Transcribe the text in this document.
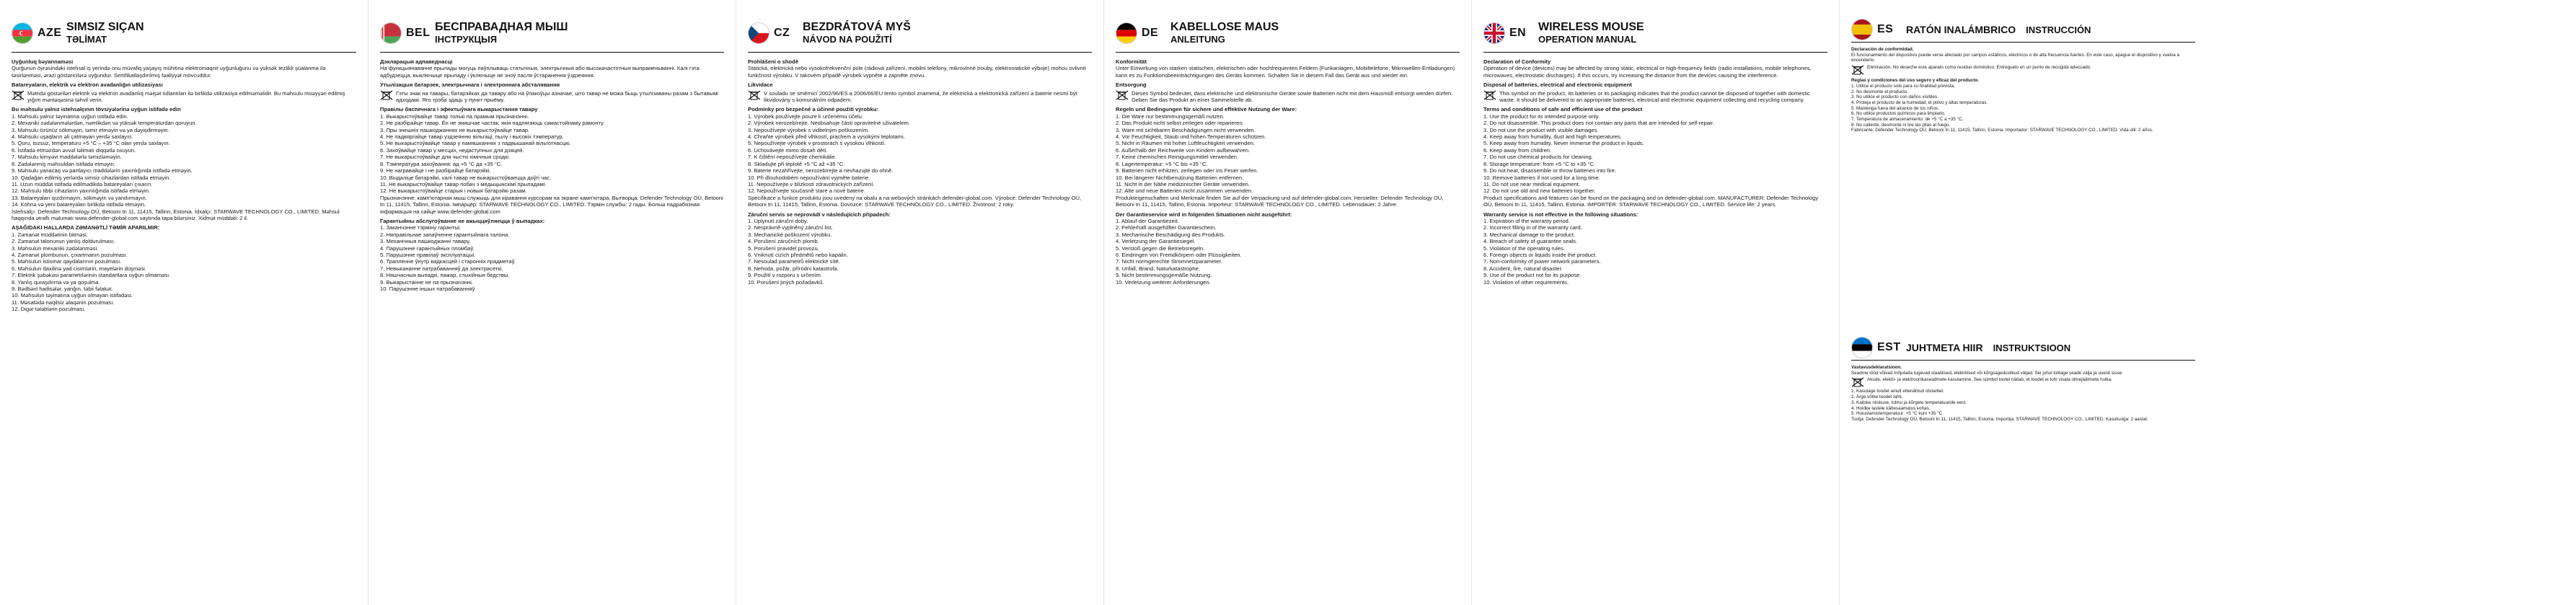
AZE SIMSIZ SIÇAN
TƏLİMAT
Uyğunluq bəyannaməsi
Qurğunun öyrəsindəki istehsal iş yerində onu müvafiq yaşayış mühitinə elektromaqnit uyğunluğunu və yüksək tezlikli şüalanma ilə təsirlənməsi, ərazi göstəricilərə uyğundur. Sertifikatlaşdırılmış fəaliyyət mövcuddur.
Batareyaların, elektrik və elektron avadanlığın utilizasiyası
Mətndə göstərilən elektrik və elektron avadanlıq məişət tullantıları ilə birlikdə utilizasiya edilməməlidir. Bu məhsulu müəyyən edilmiş yığım məntəqəsinə təhvil verin.
Bu məhsulu yalnız istehsalçının tövsiyələrinə uyğun istifadə edin
1. Məhsulu yalnız təyinatına uyğun istifadə edin.
2. Mexaniki zədələnmələrdən, nəmlikdən və yüksək temperaturdan qoruyun.
3. Məhsulu özünüz sökməyin, təmir etməyin və ya dəyişdirməyin.
4. Məhsulu uşaqların əli çatmayan yerdə saxlayın.
5. Quru, tozsuz, temperaturu +5 °C – +35 °C olan yerdə saxlayın.
6. İstifadə etməzdən əvvəl təlimatı diqqətlə oxuyun.
7. Məhsulu kimyəvi maddələrlə təmizləməyin.
8. Zədələnmiş məhsuldan istifadə etməyin.
9. Məhsulu yanacaq və partlayıcı maddələrin yaxınlığında istifadə etməyin.
10. Qadağan edilmiş yerlərdə simsiz cihazlardan istifadə etməyin.
11. Uzun müddət istifadə edilmədikdə batareyaları çıxarın.
12. Məhsulu tibbi cihazların yaxınlığında istifadə etməyin.
13. Batareyaları qızdırmayın, sökməyin və yandırmayın.
14. Köhnə və yeni batareyaları birlikdə istifadə etməyin.
İstehsalçı: Defender Technology OÜ, Betooni tn 11, 11415, Tallinn, Estonia. İdxalçı: STARWAVE TECHNOLOGY CO., LIMITED. Məhsul haqqında ətraflı məlumatı www.defender-global.com saytında tapa bilərsiniz. Xidmət müddəti: 2 il.
AŞAĞIDAKI HALLARDA ZƏMANƏTLİ TƏMİR APARILMIR:
1. Zəmanət müddətinin bitməsi.
2. Zəmanət talonunun yanlış doldurulması.
3. Məhsulun mexaniki zədələnməsi.
4. Zəmanət plombunun, çıxartmanın pozulması.
5. Məhsulun istismar qaydalarının pozulması.
6. Məhsulun daxilinə yad cisimlərin, mayelərin düşməsi.
7. Elektrik şəbəkəsi parametrlərinin standartlara uyğun olmaması.
8. Yanlış quraşdırma və ya qoşulma.
9. Bədbəxt hadisələr, yanğın, təbii fəlakət.
10. Məhsulun təyinatına uyğun olmayan istifadəsi.
11. Məsafədə naqilsiz əlaqənin pozulması.
12. Digər tələblərin pozulması.
BEL БЕСПРАВАДНАЯ МЫШ
ІНСТРУКЦЫЯ
Дэкларацыя адпаведнасці
На функцыянаванне прылады могуць паўплываць статычныя, электрычныя або высокачастотныя выпраменьванні. Калі гэта адбудзецца, выключыце прыладу і ўключыце яе зноў пасля ўстаранення ўздзеяння.
Утылізацыя батарэек, электрычнага і электроннага абсталявання
Гэты знак на тавары, батарэйках да тавару або на ўпакоўцы азначае, што тавар не можа быць утылізаваны разам з бытавымі адходамі. Яго трэба здаць у пункт прыёму.
Правілы бяспечнага і эфектыўнага выкарыстання тавару
1. Выкарыстоўвайце тавар толькі па прамым прызначэнні.
2. Не разбірайце тавар. Ён не змяшчае частак, якія падлягаюць самастойнаму рамонту.
3. Пры знешніх пашкоджаннях не выкарыстоўвайце тавар.
4. Не падвяргайце тавар уздзеянню вільгаці, пылу і высокіх тэмператур.
5. Не выкарыстоўвайце тавар у памяшканнях з падвышанай вільготнасцю.
6. Захоўвайце тавар у месцах, недаступных для дзяцей.
7. Не выкарыстоўвайце для чысткі хімічныя сродкі.
8. Тэмпература захоўвання: ад +5 °C да +35 °C.
9. Не награвайце і не разбірайце батарэйкі.
10. Выдаліце батарэйкі, калі тавар не выкарыстоўваецца доўгі час.
11. Не выкарыстоўвайце тавар побач з медыцынскімі прыладамі.
12. Не выкарыстоўвайце старыя і новыя батарэйкі разам.
Прызначэнне: камп'ютарная мыш служыць для кіравання курсорам на экране камп'ютара. Вытворца: Defender Technology OÜ, Betooni tn 11, 11415, Tallinn, Estonia. Імпарцёр: STARWAVE TECHNOLOGY CO., LIMITED. Тэрмін службы: 2 гады. Больш падрабязная інфармацыя на сайце www.defender-global.com
Гарантыйны абслугоўванне не ажыццяўляецца ў выпадках:
1. Заканчэнне тэрміну гарантыі.
2. Няправільнае запаўненне гарантыйнага талона.
3. Механічныя пашкоджанні тавару.
4. Парушэнне гарантыйных пломбаў.
5. Парушэнне правілаў эксплуатацыі.
6. Трапленне ўнутр вадкасцей і старонніх прадметаў.
7. Невыкананне патрабаванняў да электрасеткі.
8. Няшчасныя выпадкі, пажар, стыхійныя бедствы.
9. Выкарыстанне не па прызначэнні.
10. Парушэнне іншых патрабаванняў.
CZ	BEZDRÁTOVÁ MYŠ
NÁVOD NA POUŽITÍ
Prohlášení o shodě
Statická, elektrická nebo vysokofrekvenční pole (rádiová zařízení, mobilní telefony, mikrovlnné trouby, elektrostatické výboje) mohou ovlivnit funkčnost výrobku. V takovém případě výrobek vypněte a zapněte znovu.
Likvidace
V souladu se směrnicí 2002/96/ES a 2006/66/EU tento symbol znamená, že elektrická a elektronická zařízení a baterie nesmí být likvidovány s komunálním odpadem.
Podmínky pro bezpečné a účinné použití výrobku:
1. Výrobek používejte pouze k určenému účelu.
2. Výrobek nerozebírejte. Neobsahuje části opravitelné uživatelem.
3. Nepoužívejte výrobek s viditelným poškozením.
4. Chraňte výrobek před vlhkostí, prachem a vysokými teplotami.
5. Nepoužívejte výrobek v prostorách s vysokou vlhkostí.
6. Uchovávejte mimo dosah dětí.
7. K čištění nepoužívejte chemikálie.
8. Skladujte při teplotě +5 °C až +35 °C.
9. Baterie nezahřívejte, nerozebírejte a nevhazujte do ohně.
10. Při dlouhodobém nepoužívání vyjměte baterie.
11. Nepoužívejte v blízkosti zdravotnických zařízení.
12. Nepoužívejte současně staré a nové baterie.
Specifikace a funkce produktu jsou uvedeny na obalu a na webových stránkách defender-global.com. Výrobce: Defender Technology OÜ, Betooni tn 11, 11415, Tallinn, Estonia. Dovozce: STARWAVE TECHNOLOGY CO., LIMITED. Životnost: 2 roky.
Záruční servis se neprovádí v následujících případech:
1. Uplynutí záruční doby.
2. Nesprávně vyplněný záruční list.
3. Mechanické poškození výrobku.
4. Porušení záručních plomb.
5. Porušení pravidel provozu.
6. Vniknutí cizích předmětů nebo kapalin.
7. Nesoulad parametrů elektrické sítě.
8. Nehoda, požár, přírodní katastrofa.
9. Použití v rozporu s určením.
10. Porušení jiných požadavků.
DE	KABELLOSE MAUS
ANLEITUNG
Konformität
Unter Einwirkung von starken statischen, elektrischen oder hochfrequenten Feldern (Funkanlagen, Mobiltelefone, Mikrowellen-Entladungen) kann es zu Funktionsbeeinträchtigungen des Geräts kommen. Schalten Sie in diesem Fall das Gerät aus und wieder ein.
Entsorgung
Dieses Symbol bedeutet, dass elektrische und elektronische Geräte sowie Batterien nicht mit dem Hausmüll entsorgt werden dürfen. Geben Sie das Produkt an einer Sammelstelle ab.
Regeln und Bedingungen für sichere und effektive Nutzung der Ware:
1. Die Ware nur bestimmungsgemäß nutzen.
2. Das Produkt nicht selbst zerlegen oder reparieren.
3. Ware mit sichtbaren Beschädigungen nicht verwenden.
4. Vor Feuchtigkeit, Staub und hohen Temperaturen schützen.
5. Nicht in Räumen mit hoher Luftfeuchtigkeit verwenden.
6. Außerhalb der Reichweite von Kindern aufbewahren.
7. Keine chemischen Reinigungsmittel verwenden.
8. Lagertemperatur: +5 °C bis +35 °C.
9. Batterien nicht erhitzen, zerlegen oder ins Feuer werfen.
10. Bei längerer Nichtbenutzung Batterien entfernen.
11. Nicht in der Nähe medizinischer Geräte verwenden.
12. Alte und neue Batterien nicht zusammen verwenden.
Produkteigenschaften und Merkmale finden Sie auf der Verpackung und auf defender-global.com. Hersteller: Defender Technology OÜ, Betooni tn 11, 11415, Tallinn, Estonia. Importeur: STARWAVE TECHNOLOGY CO., LIMITED. Lebensdauer: 2 Jahre.
Der Garantieservice wird in folgenden Situationen nicht ausgeführt:
1. Ablauf der Garantiezeit.
2. Fehlerhaft ausgefüllter Garantieschein.
3. Mechanische Beschädigung des Produkts.
4. Verletzung der Garantiesiegel.
5. Verstoß gegen die Betriebsregeln.
6. Eindringen von Fremdkörpern oder Flüssigkeiten.
7. Nicht normgerechte Stromnetzparameter.
8. Unfall, Brand, Naturkatastrophe.
9. Nicht bestimmungsgemäße Nutzung.
10. Verletzung weiterer Anforderungen.
EN	WIRELESS MOUSE
OPERATION MANUAL
Declaration of Conformity
Operation of device (devices) may be affected by strong static, electrical or high-frequency fields (radio installations, mobile telephones, microwaves, electrostatic discharges). If this occurs, try increasing the distance from the devices causing the interference.
Disposal of batteries, electrical and electronic equipment
This symbol on the product, its batteries or its packaging indicates that the product cannot be disposed of together with domestic waste. It should be delivered to an appropriate batteries, electrical and electronic equipment collecting and recycling company.
Terms and conditions of safe and efficient use of the product
1. Use the product for its intended purpose only.
2. Do not disassemble. This product does not contain any parts that are intended for self-repair.
3. Do not use the product with visible damages.
4. Keep away from humidity, dust and high temperatures.
5. Keep away from humidity. Never immerse the product in liquids.
6. Keep away from children.
7. Do not use chemical products for cleaning.
8. Storage temperature: from +5 °C to +35 °C.
9. Do not heat, disassemble or throw batteries into fire.
10. Remove batteries if not used for a long time.
11. Do not use near medical equipment.
12. Do not use old and new batteries together.
Product specifications and features can be found on the packaging and on defender-global.com. MANUFACTURER: Defender Technology OÜ, Betooni tn 11, 11415, Tallinn, Estonia. IMPORTER: STARWAVE TECHNOLOGY CO., LIMITED. Service life: 2 years.
Warranty service is not effective in the following situations:
1. Expiration of the warranty period.
2. Incorrect filling in of the warranty card.
3. Mechanical damage to the product.
4. Breach of safety of guarantee seals.
5. Violation of the operating rules.
6. Foreign objects or liquids inside the product.
7. Non-conformity of power network parameters.
8. Accident, fire, natural disaster.
9. Use of the product not for its purpose.
10. Violation of other requirements.
ES	RATÓN INALÁMBRICO INSTRUCCIÓN
Declaración de conformidad.
El funcionamiento del dispositivo puede verse afectado por campos estáticos, eléctricos o de alta frecuencia fuertes. En este caso, apague el dispositivo y vuelva a encenderlo.
Eliminación. No deseche este aparato como residuo doméstico. Entréguelo en un punto de recogida adecuado.
Reglas y condiciones del uso seguro y eficaz del producto.
1. Utilice el producto solo para su finalidad prevista.
2. No desmonte el producto.
3. No utilice el producto con daños visibles.
4. Proteja el producto de la humedad, el polvo y altas temperaturas.
5. Mantenga fuera del alcance de los niños.
6. No utilice productos químicos para limpiarlo.
7. Temperatura de almacenamiento: de +5 °C a +35 °C.
8. No caliente, desmonte ni tire las pilas al fuego.
Fabricante: Defender Technology OÜ, Betooni tn 11, 11415, Tallinn, Estonia. Importador: STARWAVE TECHNOLOGY CO., LIMITED. Vida útil: 2 años.
EST JUHTMETA HIIR INSTRUKTSIOON
Vastavusdeklaratsioon.
Seadme tööd võivad mõjutada tugevad staatilised, elektrilised või kõrgsageduslikud väljad. Sel juhul lülitage seade välja ja uuesti sisse.
Akude, elektri- ja elektroonikaseadmete kasutamine. See sümbol tootel näitab, et toodet ei tohi visata olmejäätmete hulka.
1. Kasutage toodet ainult ettenähtud otstarbel.
2. Ärge võtke toodet lahti.
3. Kaitske niiskuse, tolmu ja kõrgete temperatuuride eest.
4. Hoidke lastele kättesaamatus kohas.
5. Hoiustamistemperatuur: +5 °C kuni +35 °C.
Tootja: Defender Technology OÜ, Betooni tn 11, 11415, Tallinn, Estonia. Importija: STARWAVE TECHNOLOGY CO., LIMITED. Kasutusiga: 2 aastat.
